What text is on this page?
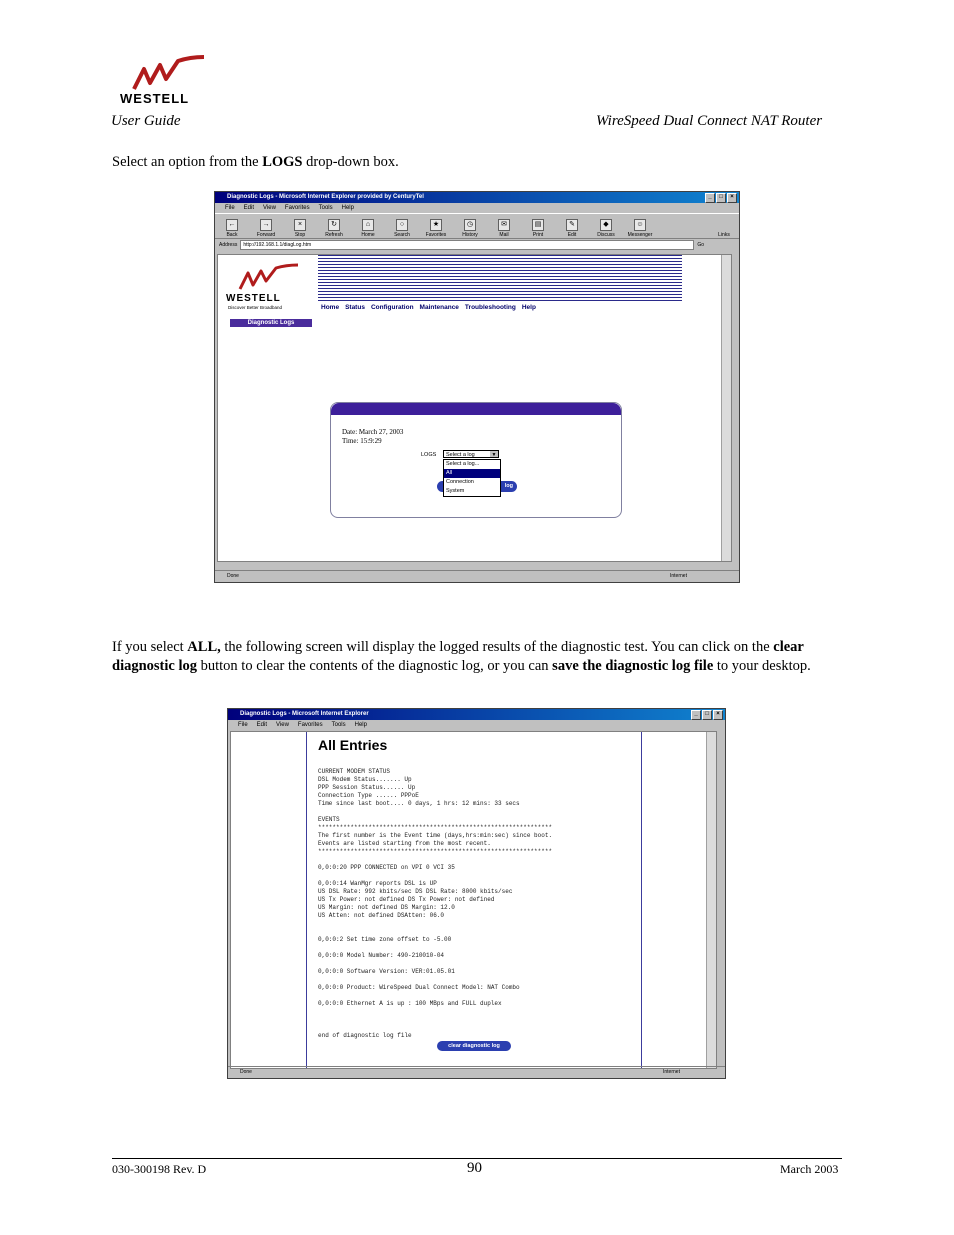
WESTELL
User Guide	WireSpeed Dual Connect NAT Router
Select an option from the LOGS drop-down box.
Diagnostic Logs - Microsoft Internet Explorer provided by CenturyTel	_	□	×
File Edit View Favorites Tools Help
←
Back
→
Forward
×
Stop
↻
Refresh
⌂
Home
○
Search
★
Favorites
◷
History
✉
Mail
▤
Print
✎
Edit
◆
Discuss
☺
Messenger	Links
Address	http://192.168.1.1/diagLog.htm	Go
WESTELL
Discover Better Broadband	Home Status Configuration Maintenance Troubleshooting Help
Diagnostic Logs
Date: March 27, 2003
Time: 15:9:29
LOGS	Select a log	▼
log
Select a log...
All
Connection
System
Done	Internet
If you select ALL, the following screen will display the logged results of the diagnostic test. You can click on the clear diagnostic log button to clear the contents of the diagnostic log, or you can save the diagnostic log file to your desktop.
Diagnostic Logs - Microsoft Internet Explorer	_	□	×
File Edit View Favorites Tools Help
All Entries
CURRENT MODEM STATUS
DSL Modem Status....... Up
PPP Session Status...... Up
Connection Type ...... PPPoE
Time since last boot.... 0 days, 1 hrs: 12 mins: 33 secs

EVENTS
*****************************************************************
The first number is the Event time (days,hrs:min:sec) since boot.
Events are listed starting from the most recent.
*****************************************************************

0,0:0:20 PPP CONNECTED on VPI 0 VCI 35

0,0:0:14 WanMgr reports DSL is UP
US DSL Rate: 992 kbits/sec DS DSL Rate: 8000 kbits/sec
US Tx Power: not defined DS Tx Power: not defined
US Margin: not defined DS Margin: 12.0
US Atten: not defined DSAtten: 06.0

0,0:0:2 Set time zone offset to -5.00

0,0:0:0 Model Number: 490-210010-04

0,0:0:0 Software Version: VER:01.05.01

0,0:0:0 Product: WireSpeed Dual Connect Model: NAT Combo

0,0:0:0 Ethernet A is up : 100 MBps and FULL duplex

end of diagnostic log file
clear diagnostic log
Done	Internet
030-300198 Rev. D	90	March 2003
